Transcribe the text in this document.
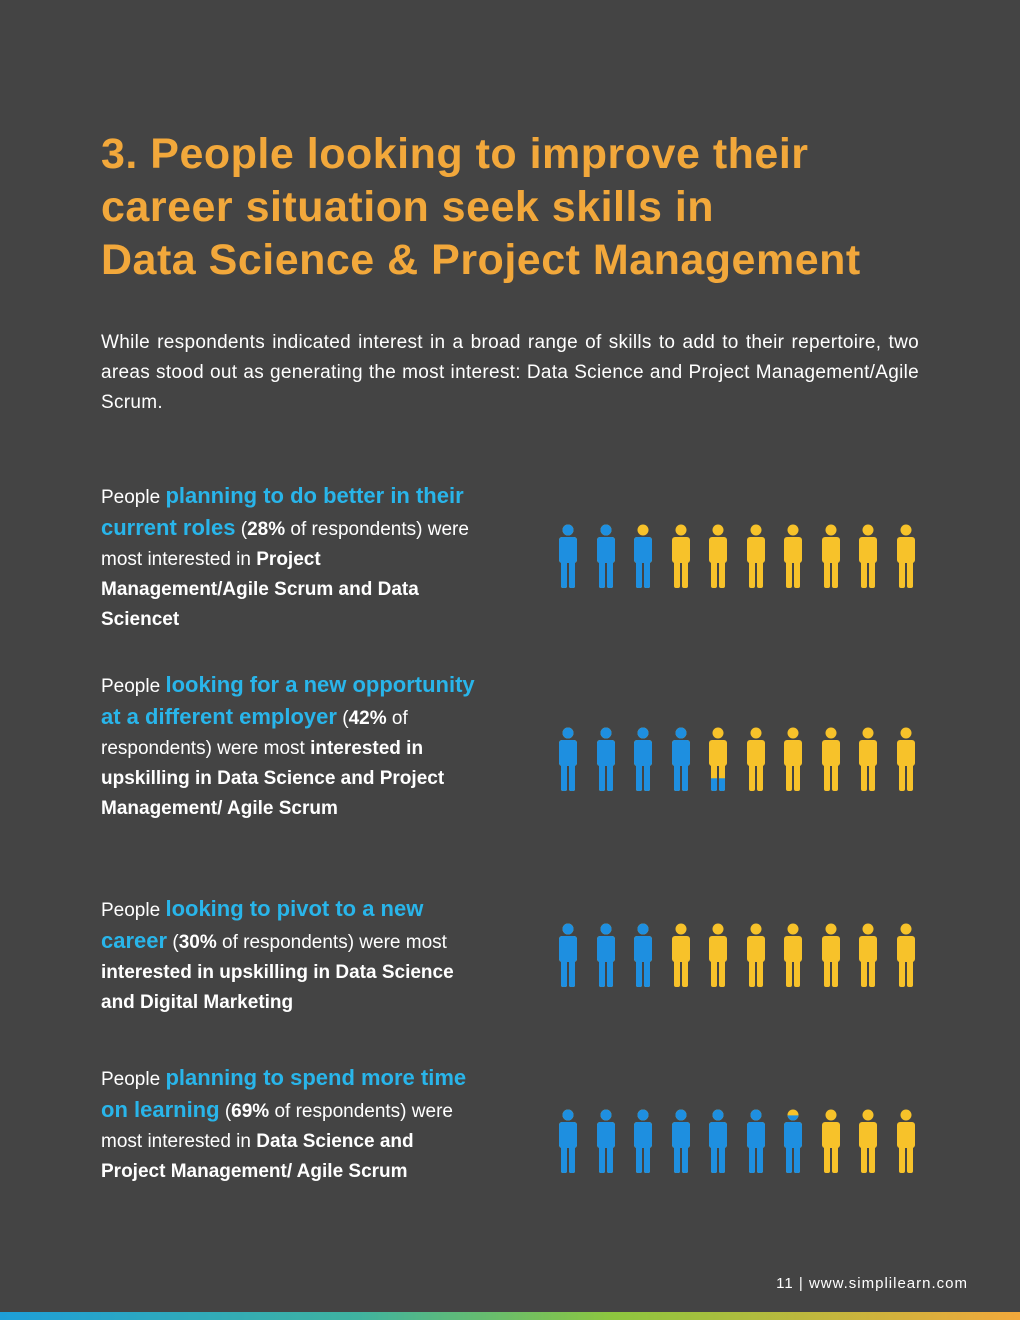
3. People looking to improve their
career situation seek skills in
Data Science & Project Management

While respondents indicated interest in a broad range of skills to add to their repertoire, two areas stood out as generating the most interest: Data Science and Project Management/Agile Scrum.

People planning to do better in their current roles (28% of respondents) were most interested in Project Management/Agile Scrum and Data Sciencet

People looking for a new opportunity at a different employer (42% of respondents) were most interested in upskilling in Data Science and Project Management/ Agile Scrum

People looking to pivot to a new career (30% of respondents) were most interested in upskilling in Data Science and Digital Marketing

People planning to spend more time on learning (69% of respondents) were most interested in Data Science and Project Management/ Agile Scrum

11 | www.simplilearn.com
